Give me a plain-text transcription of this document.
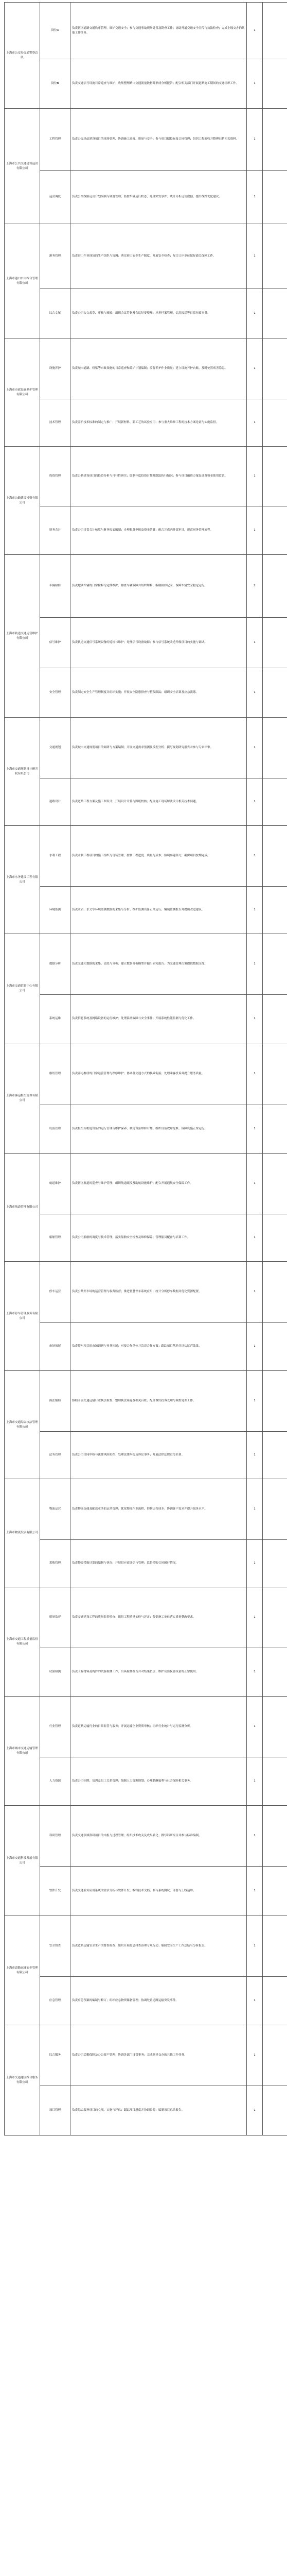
上海市公安局交通警察总队	岗位A	负责辖区道路交通秩序管理，维护交通安全；参与交通事故现场处置及勘查工作；协助开展交通安全宣传与执法检查；完成上级交办的其他工作任务。	1	
	岗位B	负责交通信号设施日常巡查与维护；收集整理路口交通流量数据并形成分析报告；配合相关部门开展道路施工期间的交通组织工作。	1	
上海市公共交通建设运营有限公司	工程管理	负责公交场站建设项目的现场管理，协调施工进度、质量与安全；参与项目招投标及合同管理；组织工程验收并整理归档相关资料。	1	
	运营调度	负责公交线路运营计划编制与调度管理；监控车辆运行状态，处理突发事件；统计分析运营数据，提出线路优化建议。	1	
上海市港口口岸综合管理有限公司	港务管理	负责港口作业现场的生产组织与协调；落实港口安全生产制度，开展安全检查；配合口岸单位做好通关保障工作。	1	
	综合文秘	负责公司公文起草、审核与流转；组织会议筹备及会议纪要整理；承担档案管理、信息报送等日常行政事务。	1	
上海市市政设施养护管理有限公司	设施养护	负责城市道路、桥梁等市政设施的日常巡查和养护计划编制；监督养护作业质量；建立设施养护台账，及时处置病害隐患。	1	
	技术管理	负责养护技术标准的制定与推广；开展新材料、新工艺的试验应用；参与重大维修工程的技术方案论证与实施监督。	1	
上海市公路建设投资有限公司	投资管理	负责公路建设项目的投资分析与可行性研究；编制年度投资计划并跟踪执行情况；参与项目融资方案设计及资金使用监管。	1	
	财务会计	负责公司日常会计核算与财务报表编制；办理税务申报及资金结算；配合完成内外部审计，规范财务管理流程。	1	
上海市轨道交通运营维护有限公司	车辆检修	负责地铁车辆的日常检修与定期维护；排查车辆故障并组织维修；编制检修记录，保障车辆安全稳定运行。	2	
	信号维护	负责轨道交通信号系统设备的巡检与维护；处理信号设备故障；参与信号系统改造升级项目的实施与调试。	1	
	安全管理	负责制定安全生产管理制度并组织实施；开展安全隐患排查与整改跟踪；组织安全培训及应急演练。	1	
上海市交通规划设计研究院有限公司	交通规划	负责城市交通规划项目的调研与方案编制；开展交通需求预测及模型分析；撰写规划研究报告并参与专家评审。	1	
	道路设计	负责道路工程方案及施工图设计；开展设计计算与图纸校核；配合施工现场解决设计相关技术问题。	1	
上海市水务建设工程有限公司	水利工程	负责水利工程项目的施工组织与现场管理；控制工程进度、质量与成本；协调参建各方，确保项目按期完成。	1	
	环境监测	负责水质、水文等环境监测数据的采集与分析；维护监测设备正常运行；编制监测报告并提出改进建议。	1	
上海市交通信息中心有限公司	数据分析	负责交通大数据的采集、清洗与分析；建立数据分析模型并输出研究报告；为交通管理决策提供数据支撑。	1	
	系统运维	负责信息系统及网络设备的运行维护；处理系统故障与安全事件；开展系统性能监测与优化工作。	1	
上海市客运枢纽管理有限公司	枢纽管理	负责客运枢纽的日常运营管理与秩序维护；协调各交通方式的换乘衔接；处理乘客投诉并提升服务质量。	1	
	设备管理	负责枢纽内机电设备的运行管理与维护保养；制定设备维修计划；组织设备故障抢修，保障设施正常运行。	1	
上海市航道管理有限公司	航道维护	负责辖区航道的巡查与维护管理；组织航道疏浚及助航设施维护；配合开展通航安全保障工作。	1	
	船舶管理	负责公司船舶的调度与技术管理；落实船舶安全检查及维修保养；管理船员配备与培训工作。	1	
上海市停车管理服务有限公司	停车运营	负责公共停车场的运营管理与收费监督；推进智慧停车系统应用；统计分析停车数据并优化资源配置。	1	
	市场拓展	负责停车项目的市场调研与业务拓展；对接合作单位并洽谈合作方案；跟踪项目落地并评估运营效果。	1	
上海市交通综合执法管理有限公司	执法辅助	协助开展交通运输行业执法检查；整理执法案卷及相关台账；配合做好投诉受理与调查处理工作。	1	
	法务管理	负责公司合同审核与法律风险防控；处理法律纠纷及诉讼事务；开展法律法规宣传培训。	1	
上海市物流发展有限公司	物流运营	负责物流仓储及配送业务的运营管理；优化物流作业流程，控制运营成本；协调客户需求并提升服务水平。	1	
	采购管理	负责物资采购计划的编制与执行；开展供应商评估与管理；监督采购合同履行情况。	1	
上海市交通工程质量监督有限公司	质量监督	负责交通建设工程的质量监督检查；组织工程质量抽检与评定；督促施工单位落实质量整改要求。	1	
	试验检测	负责工程材料及构件的试验检测工作；出具检测报告并对结果负责；维护试验仪器设备的正常使用。	1	
上海市城市交通运输管理有限公司	行业管理	负责道路运输行业的日常监管与服务；开展运输企业资质审核；组织行业统计与运行监测分析。	1	
	人力资源	负责公司招聘、培训及员工关系管理；编制人力资源规划；办理薪酬福利与社会保险相关事务。	1	
上海市交通科技发展有限公司	科研管理	负责交通领域科研项目的申报与过程管理；组织技术攻关及成果转化；撰写科研报告并参与标准编制。	1	
	软件开发	负责交通业务应用系统的需求分析与软件开发；编写技术文档；参与系统测试、部署与上线运维。	1	
上海市道路运输安全管理有限公司	安全督查	负责道路运输安全生产的督查检查；组织开展隐患排查治理专项行动；编制安全生产工作总结与分析报告。	1	
	应急管理	负责应急预案的编制与修订；组织应急物资储备管理；协调处置道路运输突发事件。	1	
上海市交通建设综合服务有限公司	综合服务	负责公司后勤保障及办公资产管理；协调各部门日常事务；完成领导交办的其他工作任务。	1	
	项目管理	负责综合服务项目的立项、实施与评估；跟踪项目进度并协调资源；编制项目总结报告。	1	
